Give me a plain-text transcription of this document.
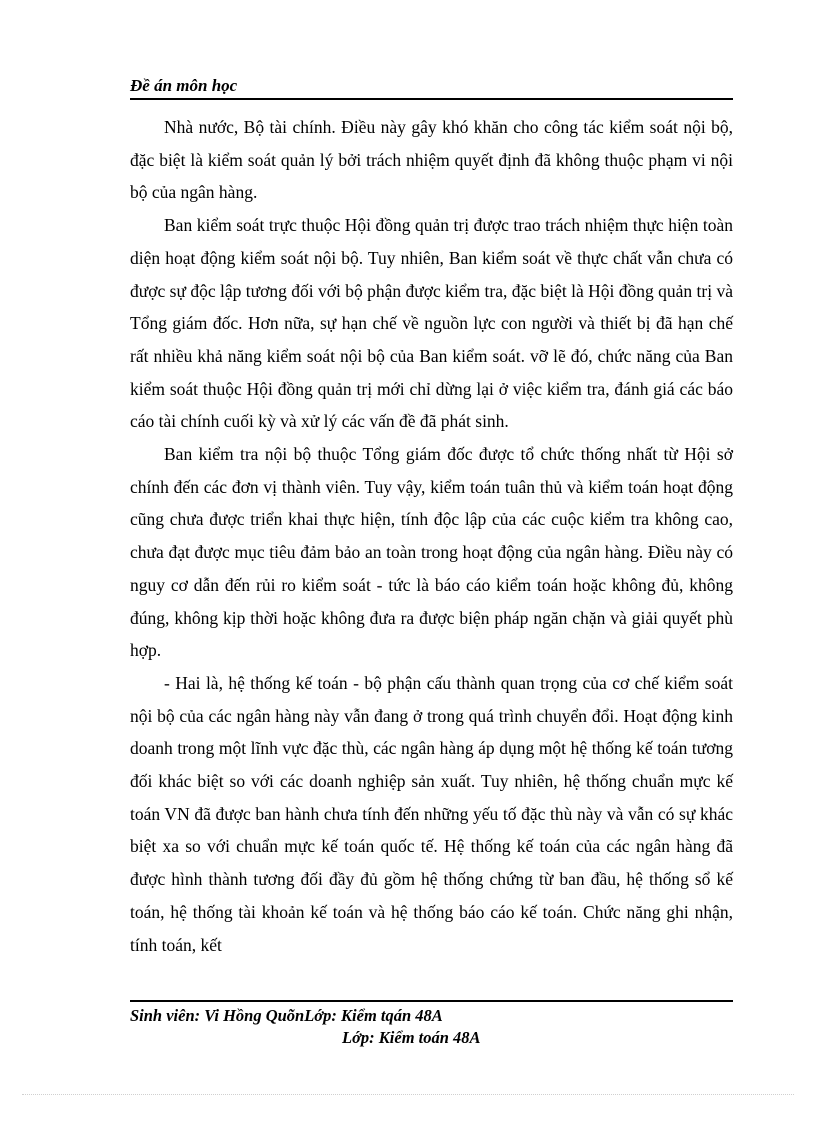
Đề án môn học

Nhà nước, Bộ tài chính. Điều này gây khó khăn cho công tác kiểm soát nội bộ, đặc biệt là kiểm soát quản lý bởi trách nhiệm quyết định đã không thuộc phạm vi nội bộ của ngân hàng.

Ban kiểm soát trực thuộc Hội đồng quản trị được trao trách nhiệm thực hiện toàn diện hoạt động kiểm soát nội bộ. Tuy nhiên, Ban kiểm soát về thực chất vẫn chưa có được sự độc lập tương đối với bộ phận được kiểm tra, đặc biệt là Hội đồng quản trị và Tổng giám đốc. Hơn nữa, sự hạn chế về nguồn lực con người và thiết bị đã hạn chế rất nhiều khả năng kiểm soát nội bộ của Ban kiểm soát. vỡ lẽ đó, chức năng của Ban kiểm soát thuộc Hội đồng quản trị mới chỉ dừng lại ở việc kiểm tra, đánh giá các báo cáo tài chính cuối kỳ và xử lý các vấn đề đã phát sinh.

Ban kiểm tra nội bộ thuộc Tổng giám đốc được tổ chức thống nhất từ Hội sở chính đến các đơn vị thành viên. Tuy vậy, kiểm toán tuân thủ và kiểm toán hoạt động cũng chưa được triển khai thực hiện, tính độc lập của các cuộc kiểm tra không cao, chưa đạt được mục tiêu đảm bảo an toàn trong hoạt động của ngân hàng. Điều này có nguy cơ dẫn đến rủi ro kiểm soát - tức là báo cáo kiểm toán hoặc không đủ, không đúng, không kịp thời hoặc không đưa ra được biện pháp ngăn chặn và giải quyết phù hợp.

- Hai là, hệ thống kế toán - bộ phận cấu thành quan trọng của cơ chế kiểm soát nội bộ của các ngân hàng này vẫn đang ở trong quá trình chuyển đổi. Hoạt động kinh doanh trong một lĩnh vực đặc thù, các ngân hàng áp dụng một hệ thống kế toán tương đối khác biệt so với các doanh nghiệp sản xuất. Tuy nhiên, hệ thống chuẩn mực kế toán VN đã được ban hành chưa tính đến những yếu tố đặc thù này và vẫn có sự khác biệt xa so với chuẩn mực kế toán quốc tế. Hệ thống kế toán của các ngân hàng đã được hình thành tương đối đầy đủ gồm hệ thống chứng từ ban đầu, hệ thống sổ kế toán, hệ thống tài khoản kế toán và hệ thống báo cáo kế toán. Chức năng ghi nhận, tính toán, kết

Sinh viên: Vi Hồng QuõnLớp: Kiểm tqán 48A
Lớp: Kiểm toán 48A
